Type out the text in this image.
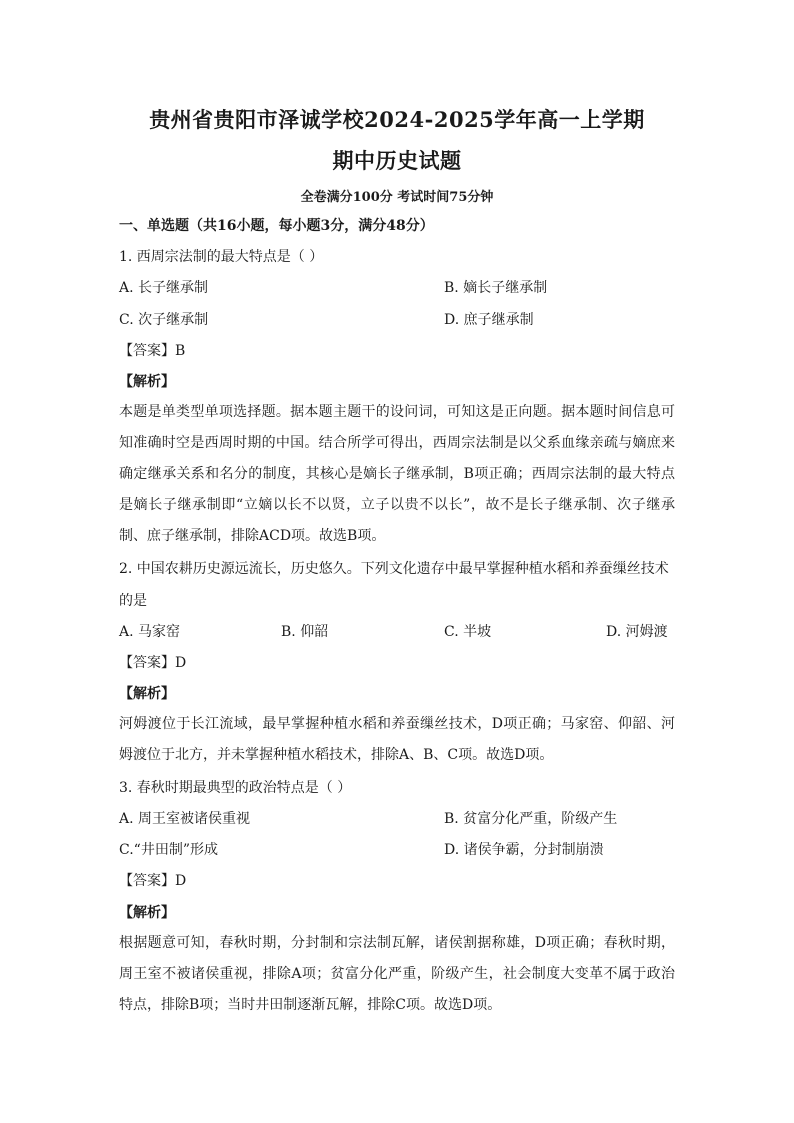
贵州省贵阳市泽诚学校2024-2025学年高一上学期
期中历史试题
全卷满分100分 考试时间75分钟
一、单选题（共16小题，每小题3分，满分48分）
1. 西周宗法制的最大特点是（ ）
A. 长子继承制	B. 嫡长子继承制
C. 次子继承制	D. 庶子继承制
【答案】B
【解析】
本题是单类型单项选择题。据本题主题干的设问词，可知这是正向题。据本题时间信息可知准确时空是西周时期的中国。结合所学可得出，西周宗法制是以父系血缘亲疏与嫡庶来确定继承关系和名分的制度，其核心是嫡长子继承制，B项正确；西周宗法制的最大特点是嫡长子继承制即“立嫡以长不以贤，立子以贵不以长”，故不是长子继承制、次子继承制、庶子继承制，排除ACD项。故选B项。
2. 中国农耕历史源远流长，历史悠久。下列文化遗存中最早掌握种植水稻和养蚕缫丝技术
的是
A. 马家窑	B. 仰韶	C. 半坡	D. 河姆渡
【答案】D
【解析】
河姆渡位于长江流域，最早掌握种植水稻和养蚕缫丝技术，D项正确；马家窑、仰韶、河姆渡位于北方，并未掌握种植水稻技术，排除A、B、C项。故选D项。
3. 春秋时期最典型的政治特点是（ ）
A. 周王室被诸侯重视	B. 贫富分化严重，阶级产生
C.“井田制”形成	D. 诸侯争霸，分封制崩溃
【答案】D
【解析】
根据题意可知，春秋时期，分封制和宗法制瓦解，诸侯割据称雄，D项正确；春秋时期，周王室不被诸侯重视，排除A项；贫富分化严重，阶级产生，社会制度大变革不属于政治特点，排除B项；当时井田制逐渐瓦解，排除C项。故选D项。
